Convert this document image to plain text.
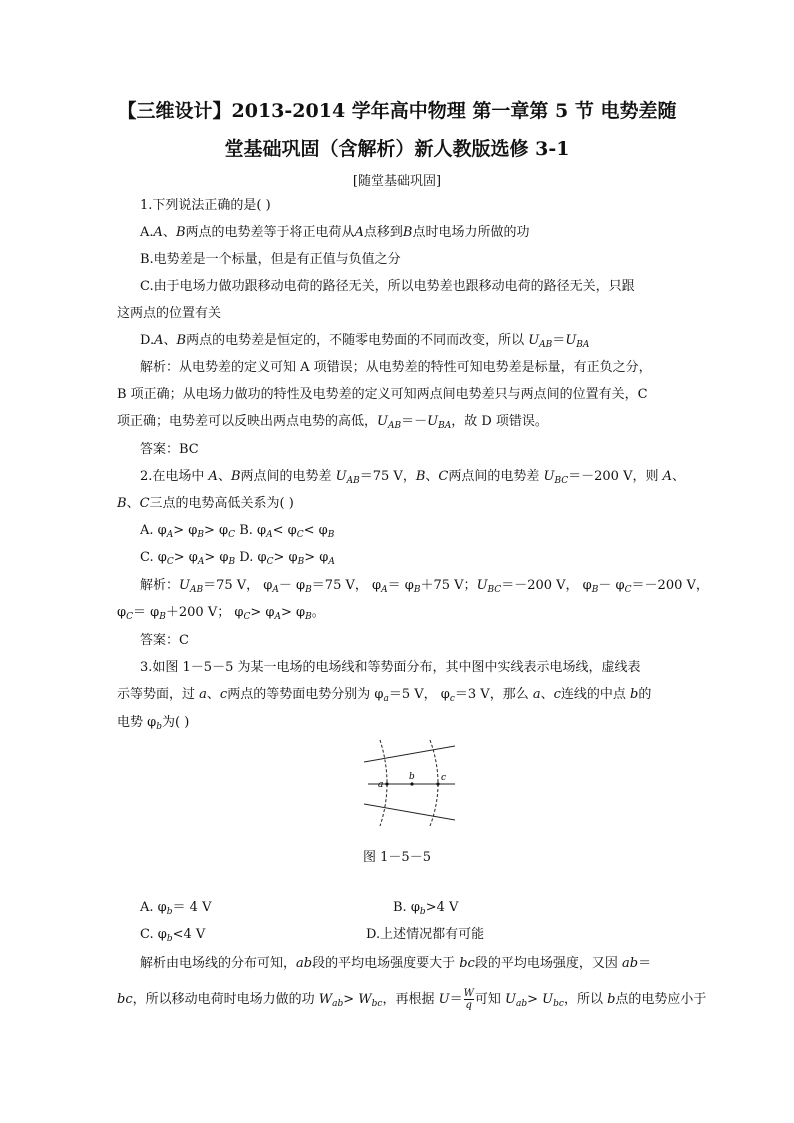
【三维设计】2013-2014 学年高中物理 第一章第 5 节 电势差随
堂基础巩固（含解析）新人教版选修 3-1
[随堂基础巩固]
1.下列说法正确的是( )
A.A、B两点的电势差等于将正电荷从A点移到B点时电场力所做的功
B.电势差是一个标量，但是有正值与负值之分
C.由于电场力做功跟移动电荷的路径无关，所以电势差也跟移动电荷的路径无关，只跟
这两点的位置有关
D.A、B两点的电势差是恒定的，不随零电势面的不同而改变，所以 $U_{AB}=U_{BA}$
解析：从电势差的定义可知 A 项错误；从电势差的特性可知电势差是标量，有正负之分，
B 项正确；从电场力做功的特性及电势差的定义可知两点间电势差只与两点间的位置有关，C
项正确；电势差可以反映出两点电势的高低，$U_{AB}=-U_{BA}$，故 D 项错误。
答案：BC
2.在电场中 A、B两点间的电势差 $U_{AB}=75$ V，B、C两点间的电势差 $U_{BC}=-200$ V，则 A、
B、C三点的电势高低关系为( )
A. $\varphi_A> \varphi_B> \varphi_C$ B. $\varphi_A< \varphi_C< \varphi_B$
C. $\varphi_C> \varphi_A> \varphi_B$ D. $\varphi_C> \varphi_B> \varphi_A$
解析：$U_{AB}=75$ V， $\varphi_A- \varphi_B=75$ V， $\varphi_A= \varphi_B+75$ V；$U_{BC}=-200$ V， $\varphi_B- \varphi_C=-200$ V，
$\varphi_C= \varphi_B+200$ V； $\varphi_C> \varphi_A> \varphi_B$。
答案：C
3.如图 1－5－5 为某一电场的电场线和等势面分布，其中图中实线表示电场线，虚线表
示等势面，过 a、c两点的等势面电势分别为 $\varphi_a=5$ V， $\varphi_c=3$ V，那么 a、c连线的中点 b的
电势 $\varphi_b$为( )
a
b	c
图 1－5－5
A. $\varphi_b= 4$ V	B. $\varphi_b>4$ V
C. $\varphi_b<4$ V	D.上述情况都有可能
解析由电场线的分布可知，ab段的平均电场强度要大于 bc段的平均电场强度，又因 ab＝
bc，所以移动电荷时电场力做的功 $W_{ab}> W_{bc}$，再根据 $U= \frac{W}{q}$ 可知 $U_{ab}> U_{bc}$，所以 b点的电势应小于
